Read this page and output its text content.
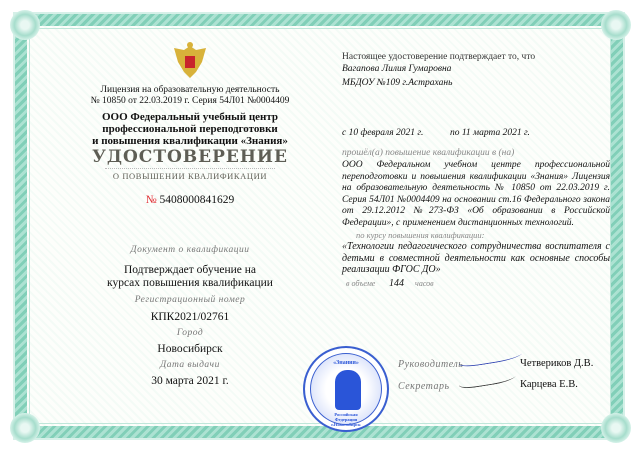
Лицензия на образовательную деятельность
№ 10850 от 22.03.2019 г. Серия 54Л01 №0004409
ООО Федеральный учебный центр
профессиональной переподготовки
и повышения квалификации «Знания»
УДОСТОВЕРЕНИЕ
О ПОВЫШЕНИИ КВАЛИФИКАЦИИ
№ 5408000841629
Документ о квалификации
Подтверждает обучение на
курсах повышения квалификации
Регистрационный номер
КПК2021/02761
Город
Новосибирск
Дата выдачи
30 марта 2021 г.
Настоящее удостоверение подтверждает то, что
Вагапова Лилия Гумаровна
МБДОУ №109 г.Астрахань
с 10 февраля 2021 г.	по 11 марта 2021 г.
прошёл(а) повышение квалификации в (на)
ООО Федеральном учебном центре профессиональной переподготовки и повышения квалификации «Знания» Лицензия на образовательную деятельность № 10850 от 22.03.2019 г. Серия 54Л01 №0004409 на основании ст.16 Федерального закона от 29.12.2012 №273-ФЗ «Об образовании в Российской Федерации», с применением дистанционных технологий.
по курсу повышения квалификации:
«Технологии педагогического сотрудничества воспитателя с детьми в совместной деятельности как основные способы реализации ФГОС ДО»
в объеме 144 часов
«Знания»
Российская Федерация г.Новосибирск
Руководитель	Четвериков Д.В.
Секретарь	Карцева Е.В.
